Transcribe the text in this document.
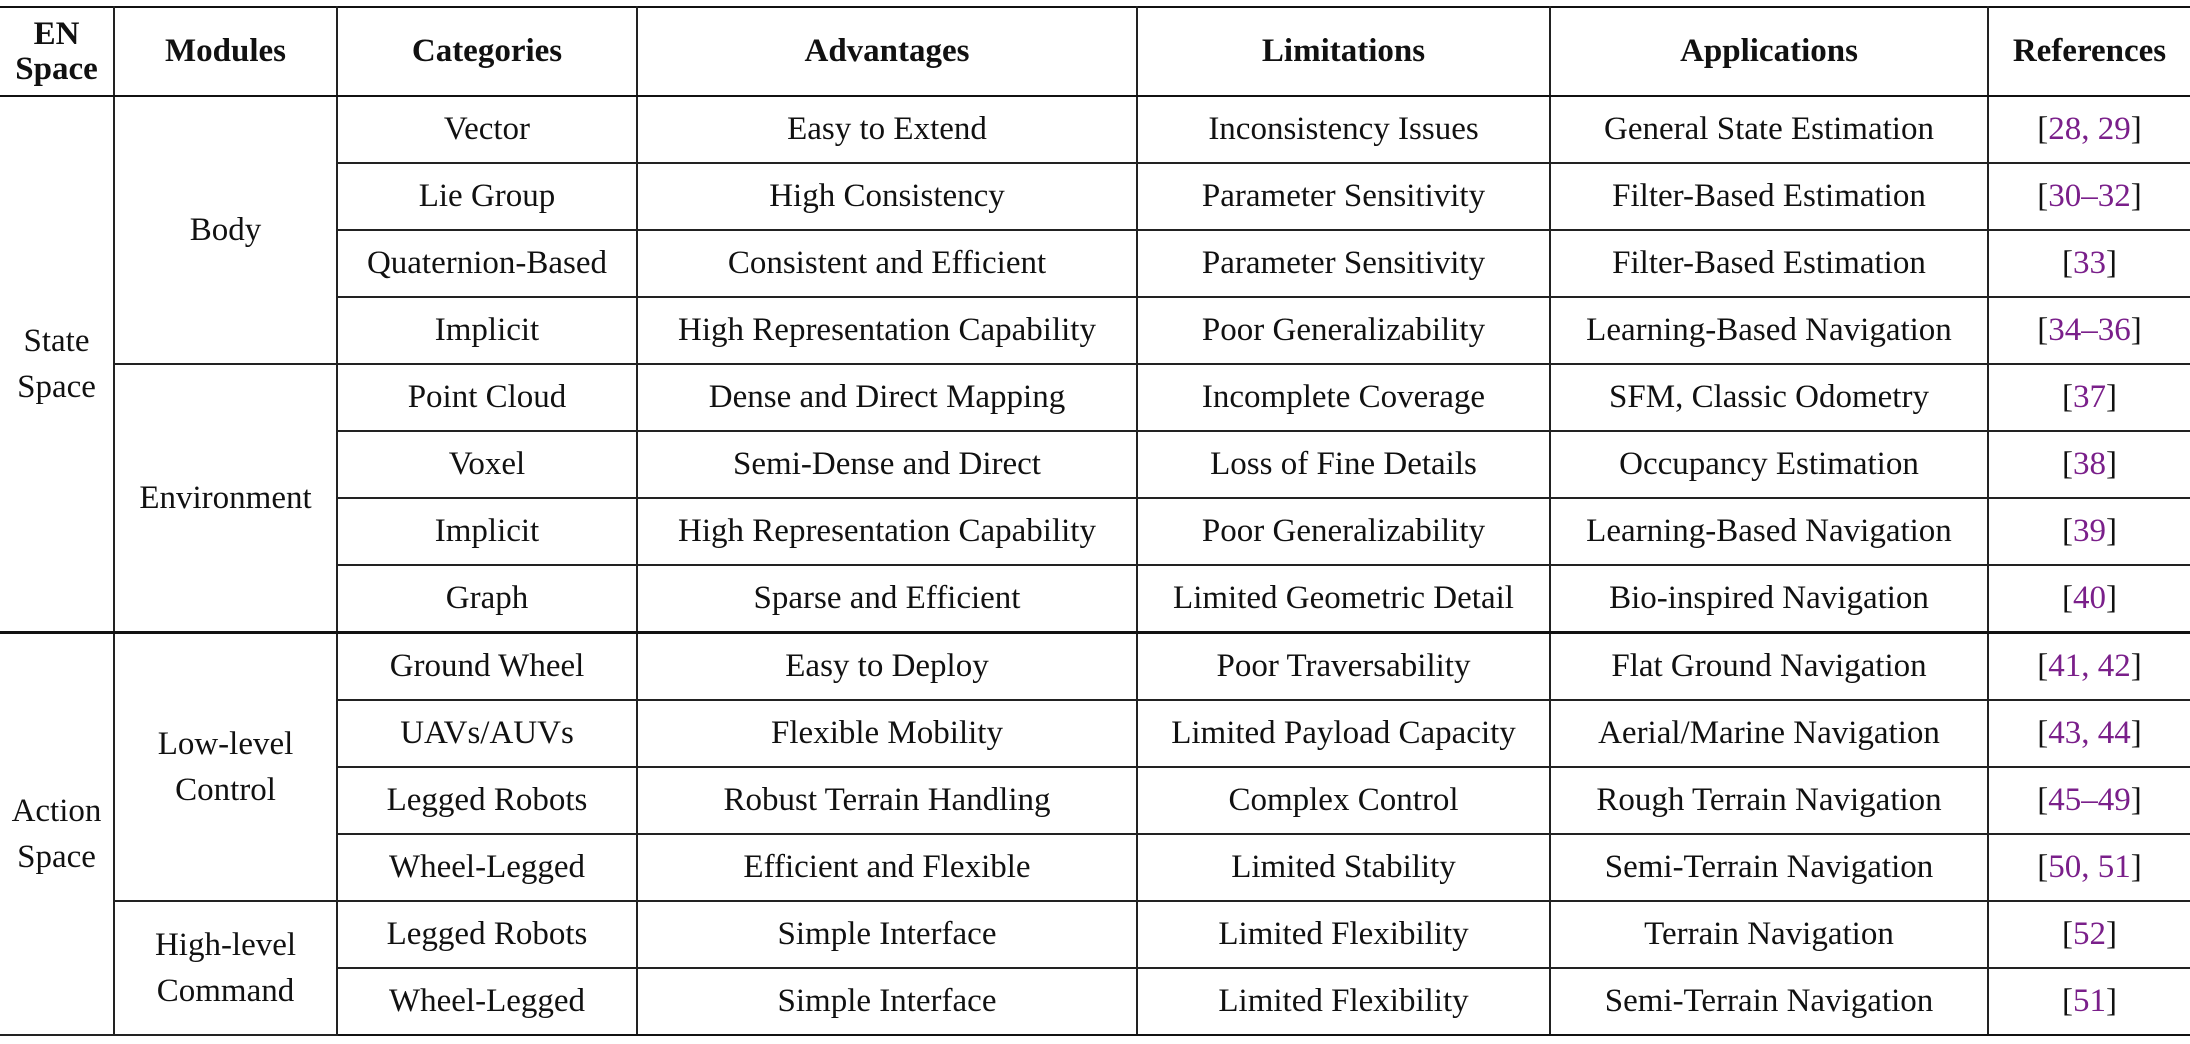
EN Space	Modules	Categories	Advantages	Limitations	Applications	References
State Space	Body	Vector	Easy to Extend	Inconsistency Issues	General State Estimation	[28, 29]
		Lie Group	High Consistency	Parameter Sensitivity	Filter-Based Estimation	[30–32]
		Quaternion-Based	Consistent and Efficient	Parameter Sensitivity	Filter-Based Estimation	[33]
		Implicit	High Representation Capability	Poor Generalizability	Learning-Based Navigation	[34–36]
	Environment	Point Cloud	Dense and Direct Mapping	Incomplete Coverage	SFM, Classic Odometry	[37]
		Voxel	Semi-Dense and Direct	Loss of Fine Details	Occupancy Estimation	[38]
		Implicit	High Representation Capability	Poor Generalizability	Learning-Based Navigation	[39]
		Graph	Sparse and Efficient	Limited Geometric Detail	Bio-inspired Navigation	[40]
Action Space	Low-level Control	Ground Wheel	Easy to Deploy	Poor Traversability	Flat Ground Navigation	[41, 42]
		UAVs/AUVs	Flexible Mobility	Limited Payload Capacity	Aerial/Marine Navigation	[43, 44]
		Legged Robots	Robust Terrain Handling	Complex Control	Rough Terrain Navigation	[45–49]
		Wheel-Legged	Efficient and Flexible	Limited Stability	Semi-Terrain Navigation	[50, 51]
	High-level Command	Legged Robots	Simple Interface	Limited Flexibility	Terrain Navigation	[52]
		Wheel-Legged	Simple Interface	Limited Flexibility	Semi-Terrain Navigation	[51]
